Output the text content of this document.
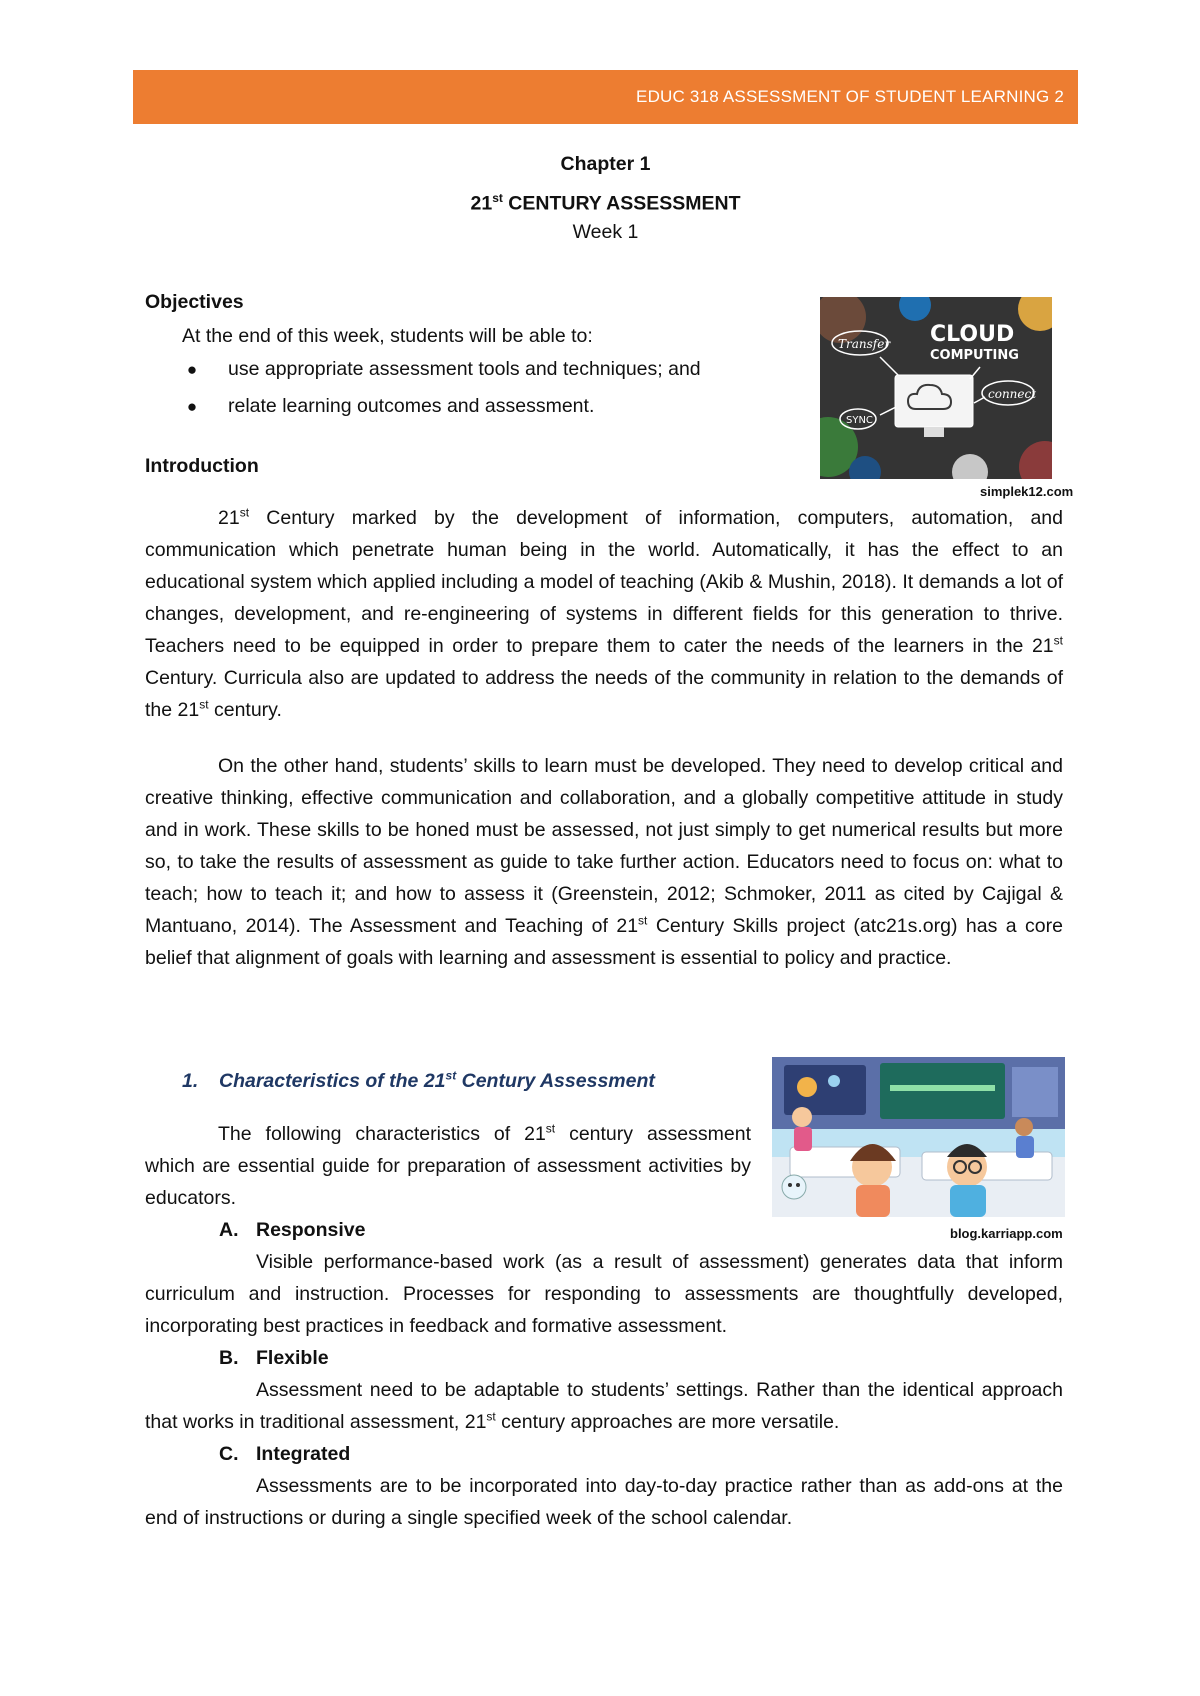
EDUC 318 ASSESSMENT OF STUDENT LEARNING 2
Chapter 1
21st CENTURY ASSESSMENT
Week 1
Objectives
At the end of this week, students will be able to:
● use appropriate assessment tools and techniques; and
● relate learning outcomes and assessment.
Transfer CLOUD
COMPUTING
connect
SYNC
simplek12.com
Introduction

21st Century marked by the development of information, computers, automation, and communication which penetrate human being in the world. Automatically, it has the effect to an educational system which applied including a model of teaching (Akib & Mushin, 2018). It demands a lot of changes, development, and re-engineering of systems in different fields for this generation to thrive. Teachers need to be equipped in order to prepare them to cater the needs of the learners in the 21st Century. Curricula also are updated to address the needs of the community in relation to the demands of the 21st century.

On the other hand, students’ skills to learn must be developed. They need to develop critical and creative thinking, effective communication and collaboration, and a globally competitive attitude in study and in work. These skills to be honed must be assessed, not just simply to get numerical results but more so, to take the results of assessment as guide to take further action. Educators need to focus on: what to teach; how to teach it; and how to assess it (Greenstein, 2012; Schmoker, 2011 as cited by Cajigal & Mantuano, 2014). The Assessment and Teaching of 21st Century Skills project (atc21s.org) has a core belief that alignment of goals with learning and assessment is essential to policy and practice.

1. Characteristics of the 21st Century Assessment
blog.karriapp.com

The following characteristics of 21st century assessment which are essential guide for preparation of assessment activities by educators.

A. Responsive

Visible performance-based work (as a result of assessment) generates data that inform curriculum and instruction. Processes for responding to assessments are thoughtfully developed, incorporating best practices in feedback and formative assessment.

B. Flexible

Assessment need to be adaptable to students’ settings. Rather than the identical approach that works in traditional assessment, 21st century approaches are more versatile.

C. Integrated

Assessments are to be incorporated into day-to-day practice rather than as add-ons at the end of instructions or during a single specified week of the school calendar.
